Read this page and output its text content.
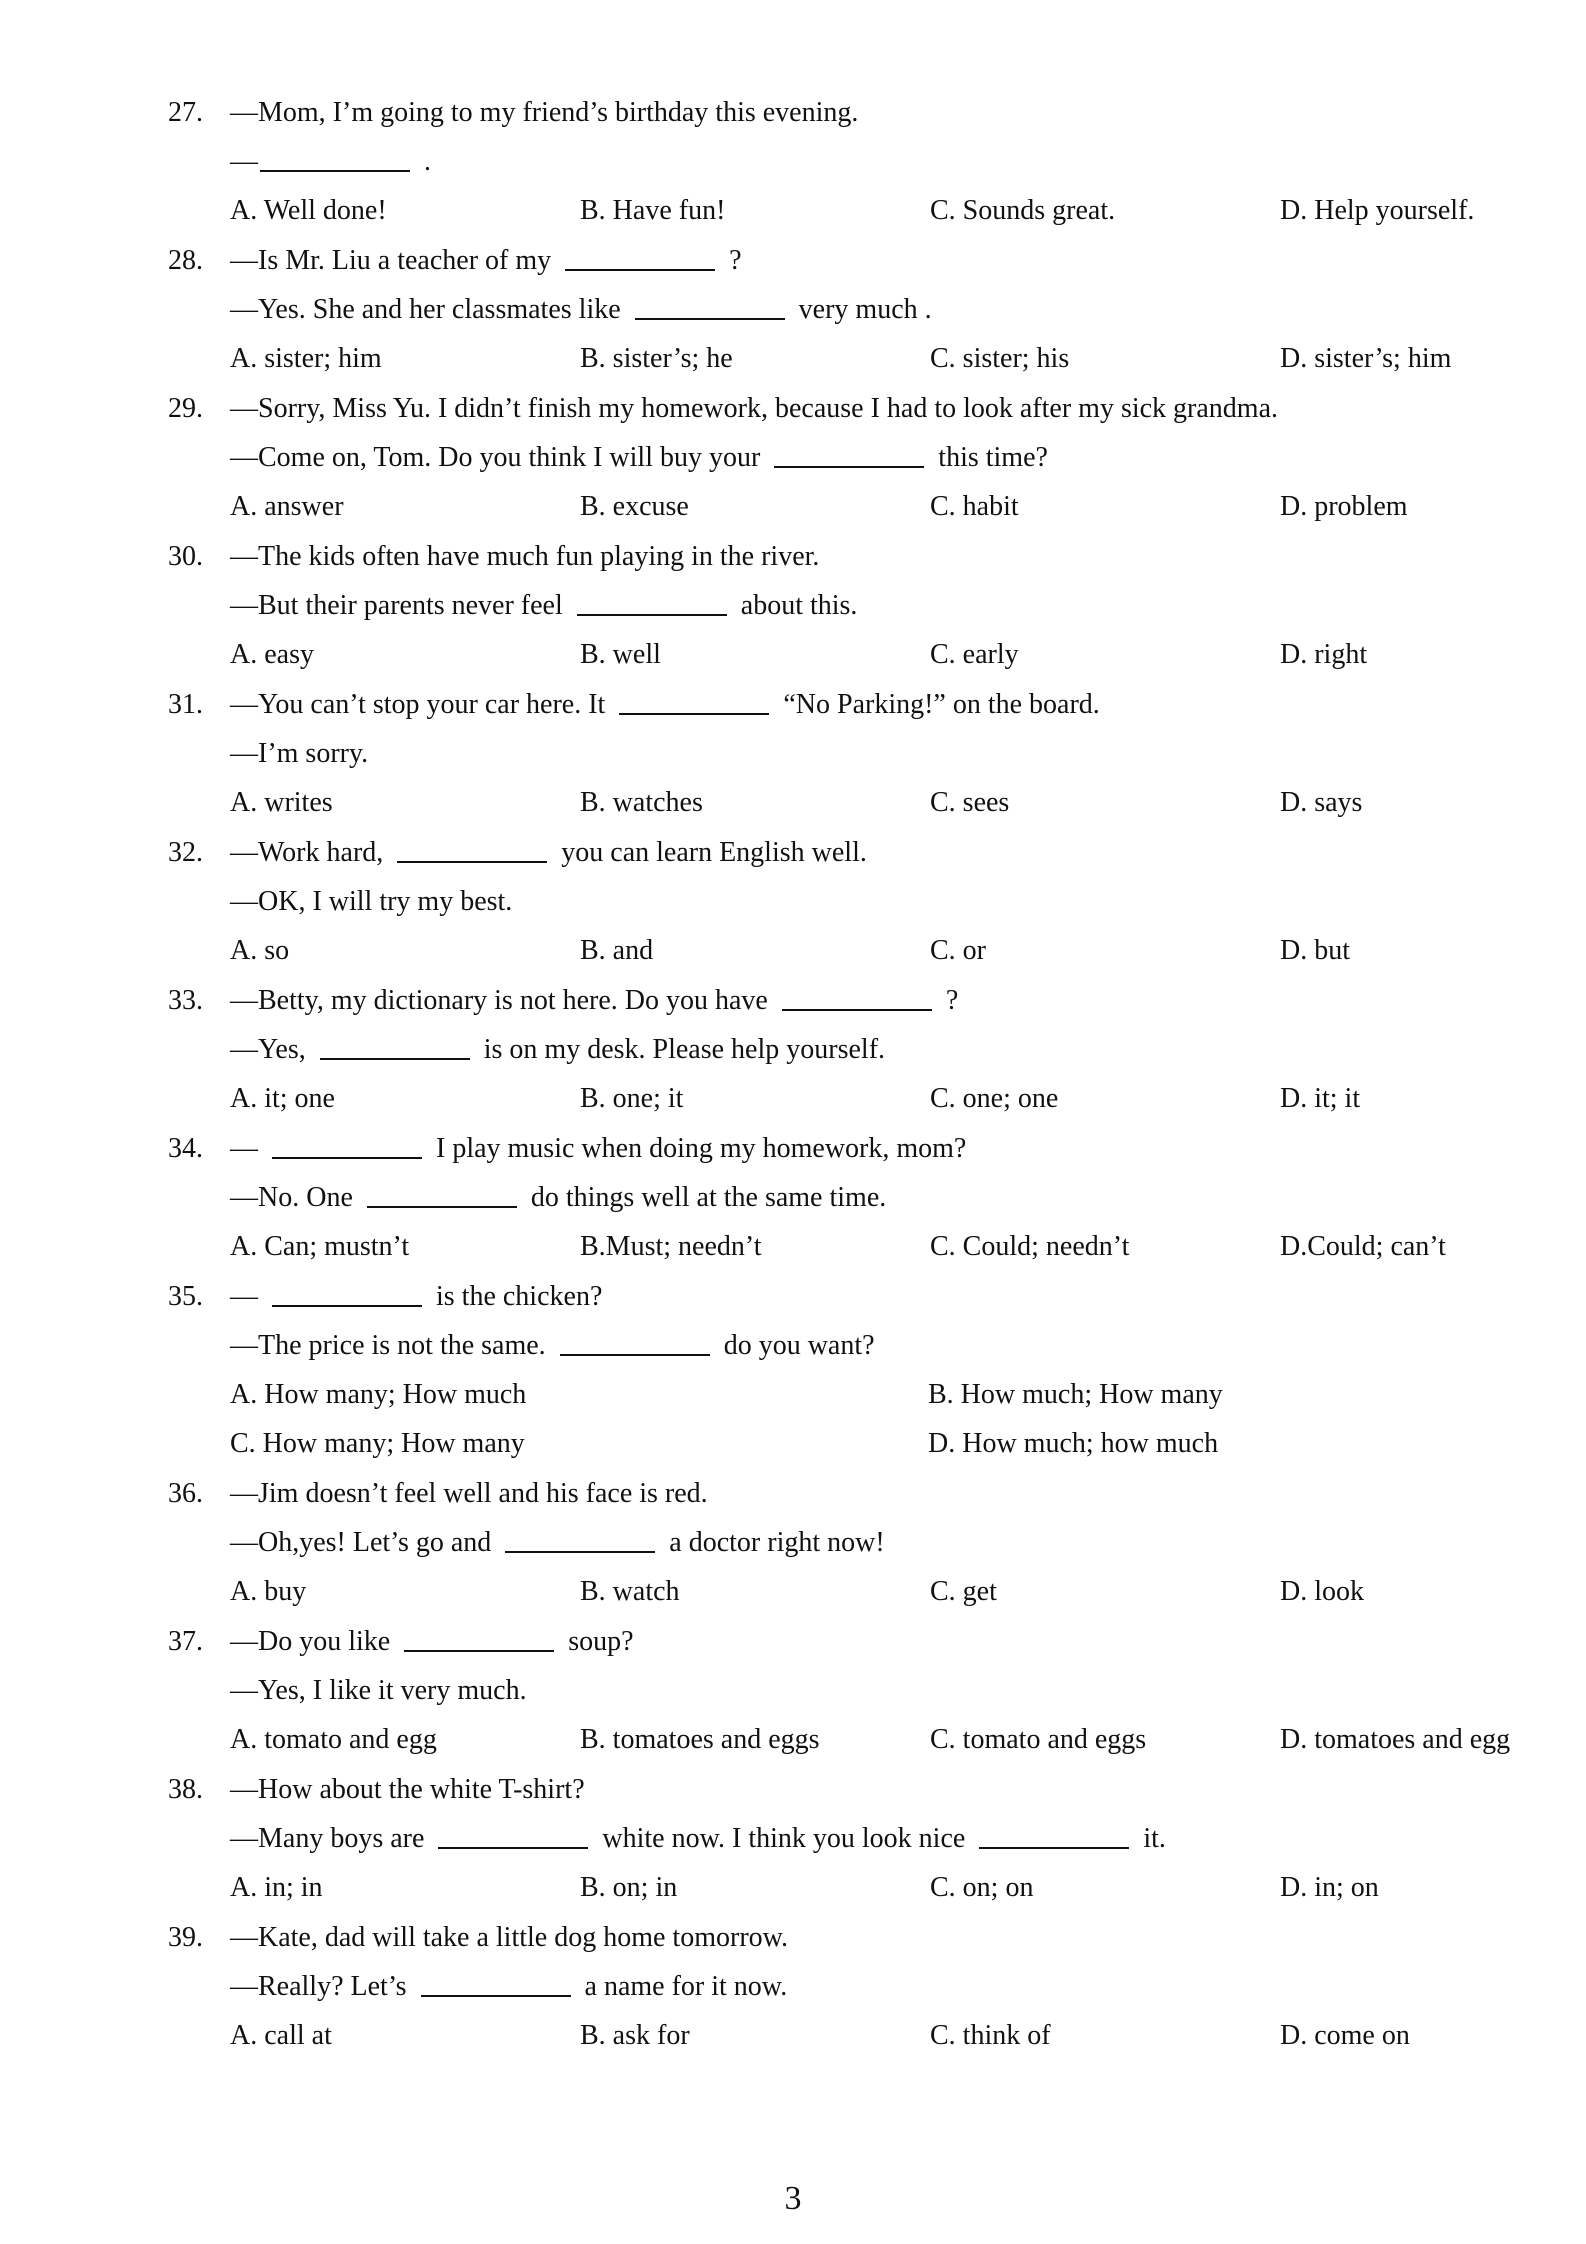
27. —Mom, I’m going to my friend’s birthday this evening.
—	.
A. Well done!	B. Have fun!	C. Sounds great.	D. Help yourself.
28. —Is Mr. Liu a teacher of my	?
—Yes. She and her classmates like	very much .
A. sister; him	B. sister’s; he	C. sister; his	D. sister’s; him
29. —Sorry, Miss Yu. I didn’t finish my homework, because I had to look after my sick grandma.
—Come on, Tom. Do you think I will buy your	this time?
A. answer	B. excuse	C. habit	D. problem
30. —The kids often have much fun playing in the river.
—But their parents never feel	about this.
A. easy	B. well	C. early	D. right
31. —You can’t stop your car here. It	“No Parking!” on the board.
—I’m sorry.
A. writes	B. watches	C. sees	D. says
32. —Work hard,	you can learn English well.
—OK, I will try my best.
A. so	B. and	C. or	D. but
33. —Betty, my dictionary is not here. Do you have	?
—Yes,	is on my desk. Please help yourself.
A. it; one	B. one; it	C. one; one	D. it; it
34. —	I play music when doing my homework, mom?
—No. One	do things well at the same time.
A. Can; mustn’t	B.Must; needn’t	C. Could; needn’t	D.Could; can’t
35. —	is the chicken?
—The price is not the same.	do you want?
A. How many; How much	B. How much; How many
C. How many; How many	D. How much; how much
36. —Jim doesn’t feel well and his face is red.
—Oh,yes! Let’s go and	a doctor right now!
A. buy	B. watch	C. get	D. look
37. —Do you like	soup?
—Yes, I like it very much.
A. tomato and egg	B. tomatoes and eggs	C. tomato and eggs	D. tomatoes and egg
38. —How about the white T-shirt?
—Many boys are	white now. I think you look nice	it.
A. in; in	B. on; in	C. on; on	D. in; on
39. —Kate, dad will take a little dog home tomorrow.
—Really? Let’s	a name for it now.
A. call at	B. ask for	C. think of	D. come on
3
